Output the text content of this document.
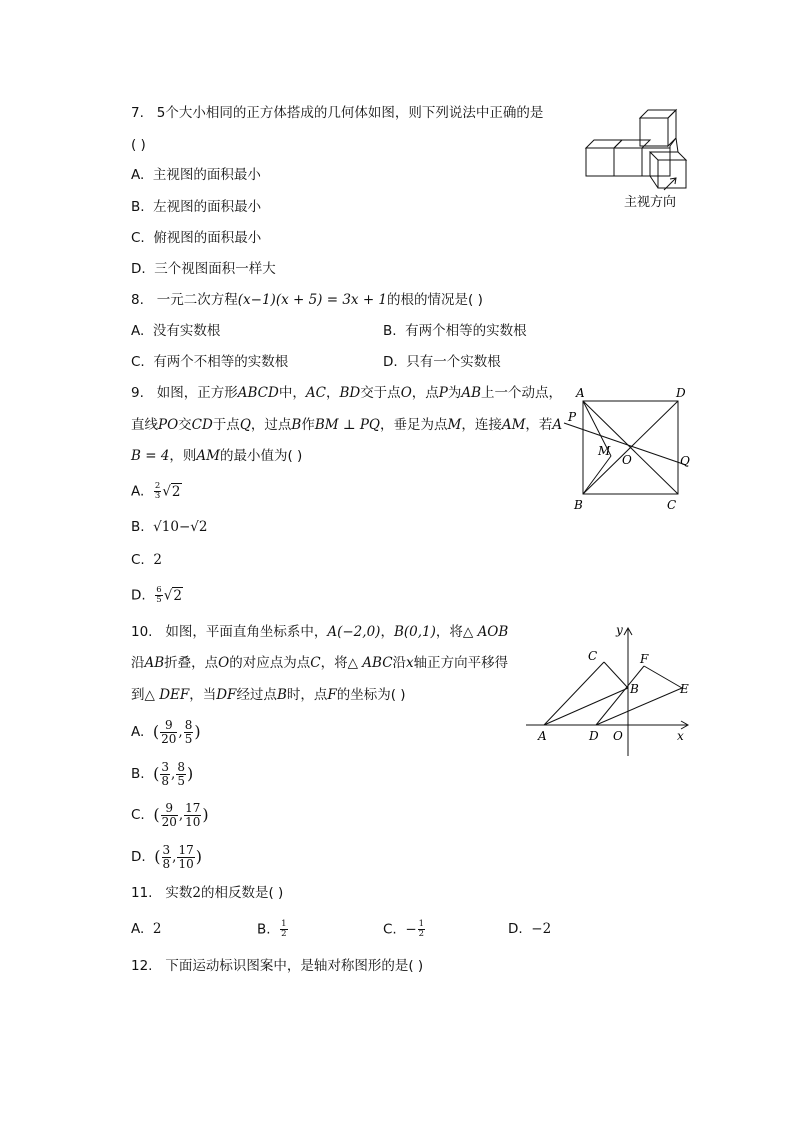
7. 5个大小相同的正方体搭成的几何体如图，则下列说法中正确的是
( )
A. 主视图的面积最小
B. 左视图的面积最小
C. 俯视图的面积最小
D. 三个视图面积一样大
主视方向
8. 一元二次方程(x−1)(x + 5) = 3x + 1的根的情况是( )
A. 没有实数根	B. 有两个相等的实数根
C. 有两个不相等的实数根	D. 只有一个实数根
9. 如图，正方形ABCD中，AC，BD交于点O，点P为AB上一个动点，
直线PO交CD于点Q，过点B作BM ⊥ PQ，垂足为点M，连接AM，若A
B = 4，则AM的最小值为( )
A. $\frac{2}{3} √2$
B. √10−√2
C. 2
D. $\frac{6}{5} √2$
A	D
P
M
O	Q
B	C
10. 如图，平面直角坐标系中，A(−2,0)，B(0,1)，将△ AOB
沿AB折叠，点O的对应点为点C，将△ ABC沿x轴正方向平移得
到△ DEF，当DF经过点B时，点F的坐标为( )
A. ( $\frac{9}{20}$ , $\frac{8}{5}$ )
B. ( $\frac{3}{8}$ , $\frac{8}{5}$ )
C. ( $\frac{9}{20}$ , $\frac{17}{10}$ )
D. ( $\frac{3}{8}$ , $\frac{17}{10}$ )
y
x
C	F
B	E
A	D O
11. 实数2的相反数是( )
A. 2	B. $\frac{1}{2}$	C. − $\frac{1}{2}$	D. −2
12. 下面运动标识图案中，是轴对称图形的是( )
